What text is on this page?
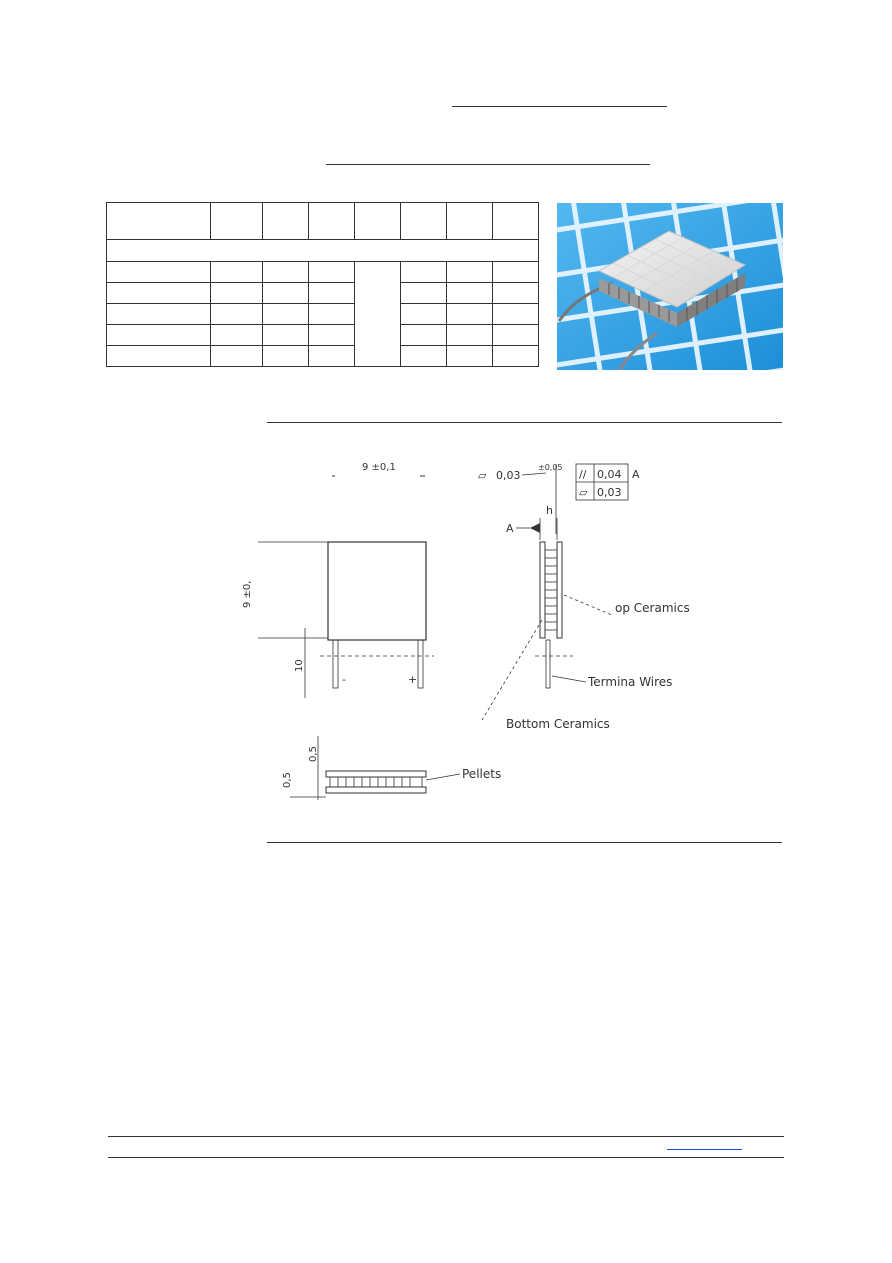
9 ±0,1
9 ±0,
10
-	+
⏥ 0,03
±0,05
// 0,04 A
▱ 0,03
h
A
op Ceramics
Termina Wires
Bottom Ceramics
Pellets
0,5
0,5
